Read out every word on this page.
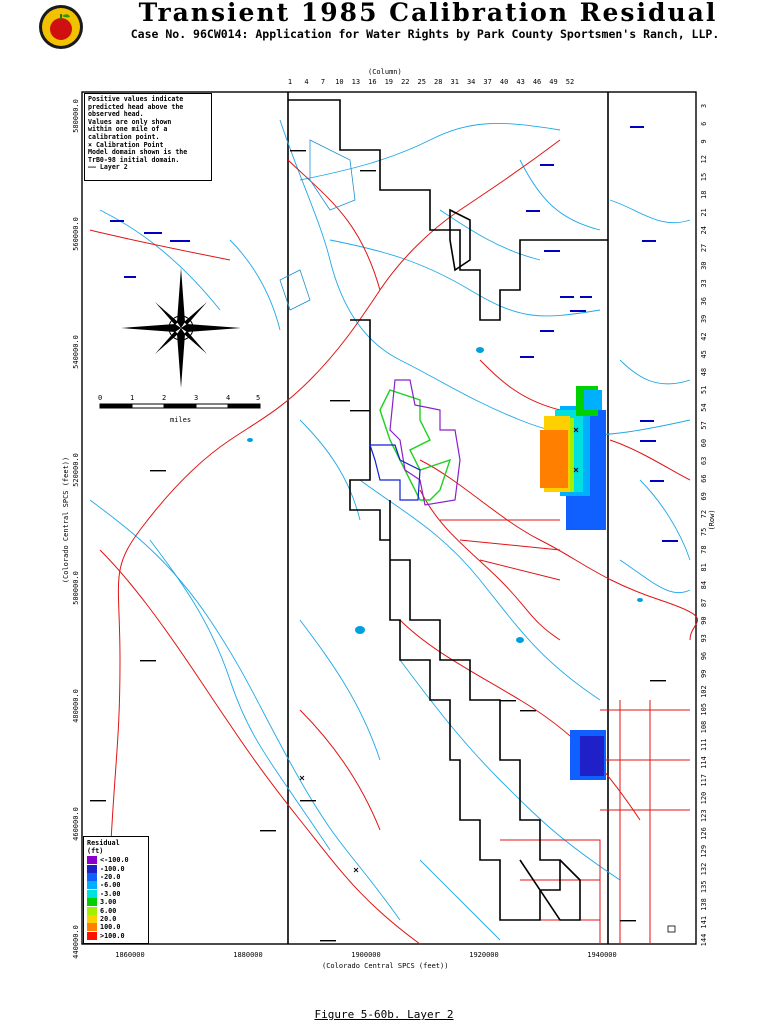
Transient 1985 Calibration Residual
Case No. 96CW014: Application for Water Rights by Park County Sportsmen's Ranch, LLP.
0	1	2	3	4	5
miles
(Column)
(Colorado Central SPCS (feet))
(Colorado Central SPCS (feet))	(Row)
1 4 7 10 13 16 19 22 25 28 31 34 37 40 43 46 49 52
3
6
9
12
15
18
21
24
27
30
33
36
39
42
45
48
51
54
57
60
63
66
69
72
75
78
81
84
87
90
93
96
99
102
105
108
111
114
117
120
123
126
129
132
135
138
141
144
1860000	1880000	1900000	1920000	1940000
580000.0
560000.0
540000.0
520000.0
500000.0
480000.0
460000.0
440000.0
Positive values indicate
predicted head above the
observed head.
Values are only shown
within one mile of a
calibration point.
× Calibration Point
Model domain shown is the
TrB0-98 initial domain.
—— Layer 2
Residual
(ft)
<-100.0
-100.0
-20.0
-6.00
-3.00
3.00
6.00
20.0
100.0
>100.0
Figure 5-60b. Layer 2
